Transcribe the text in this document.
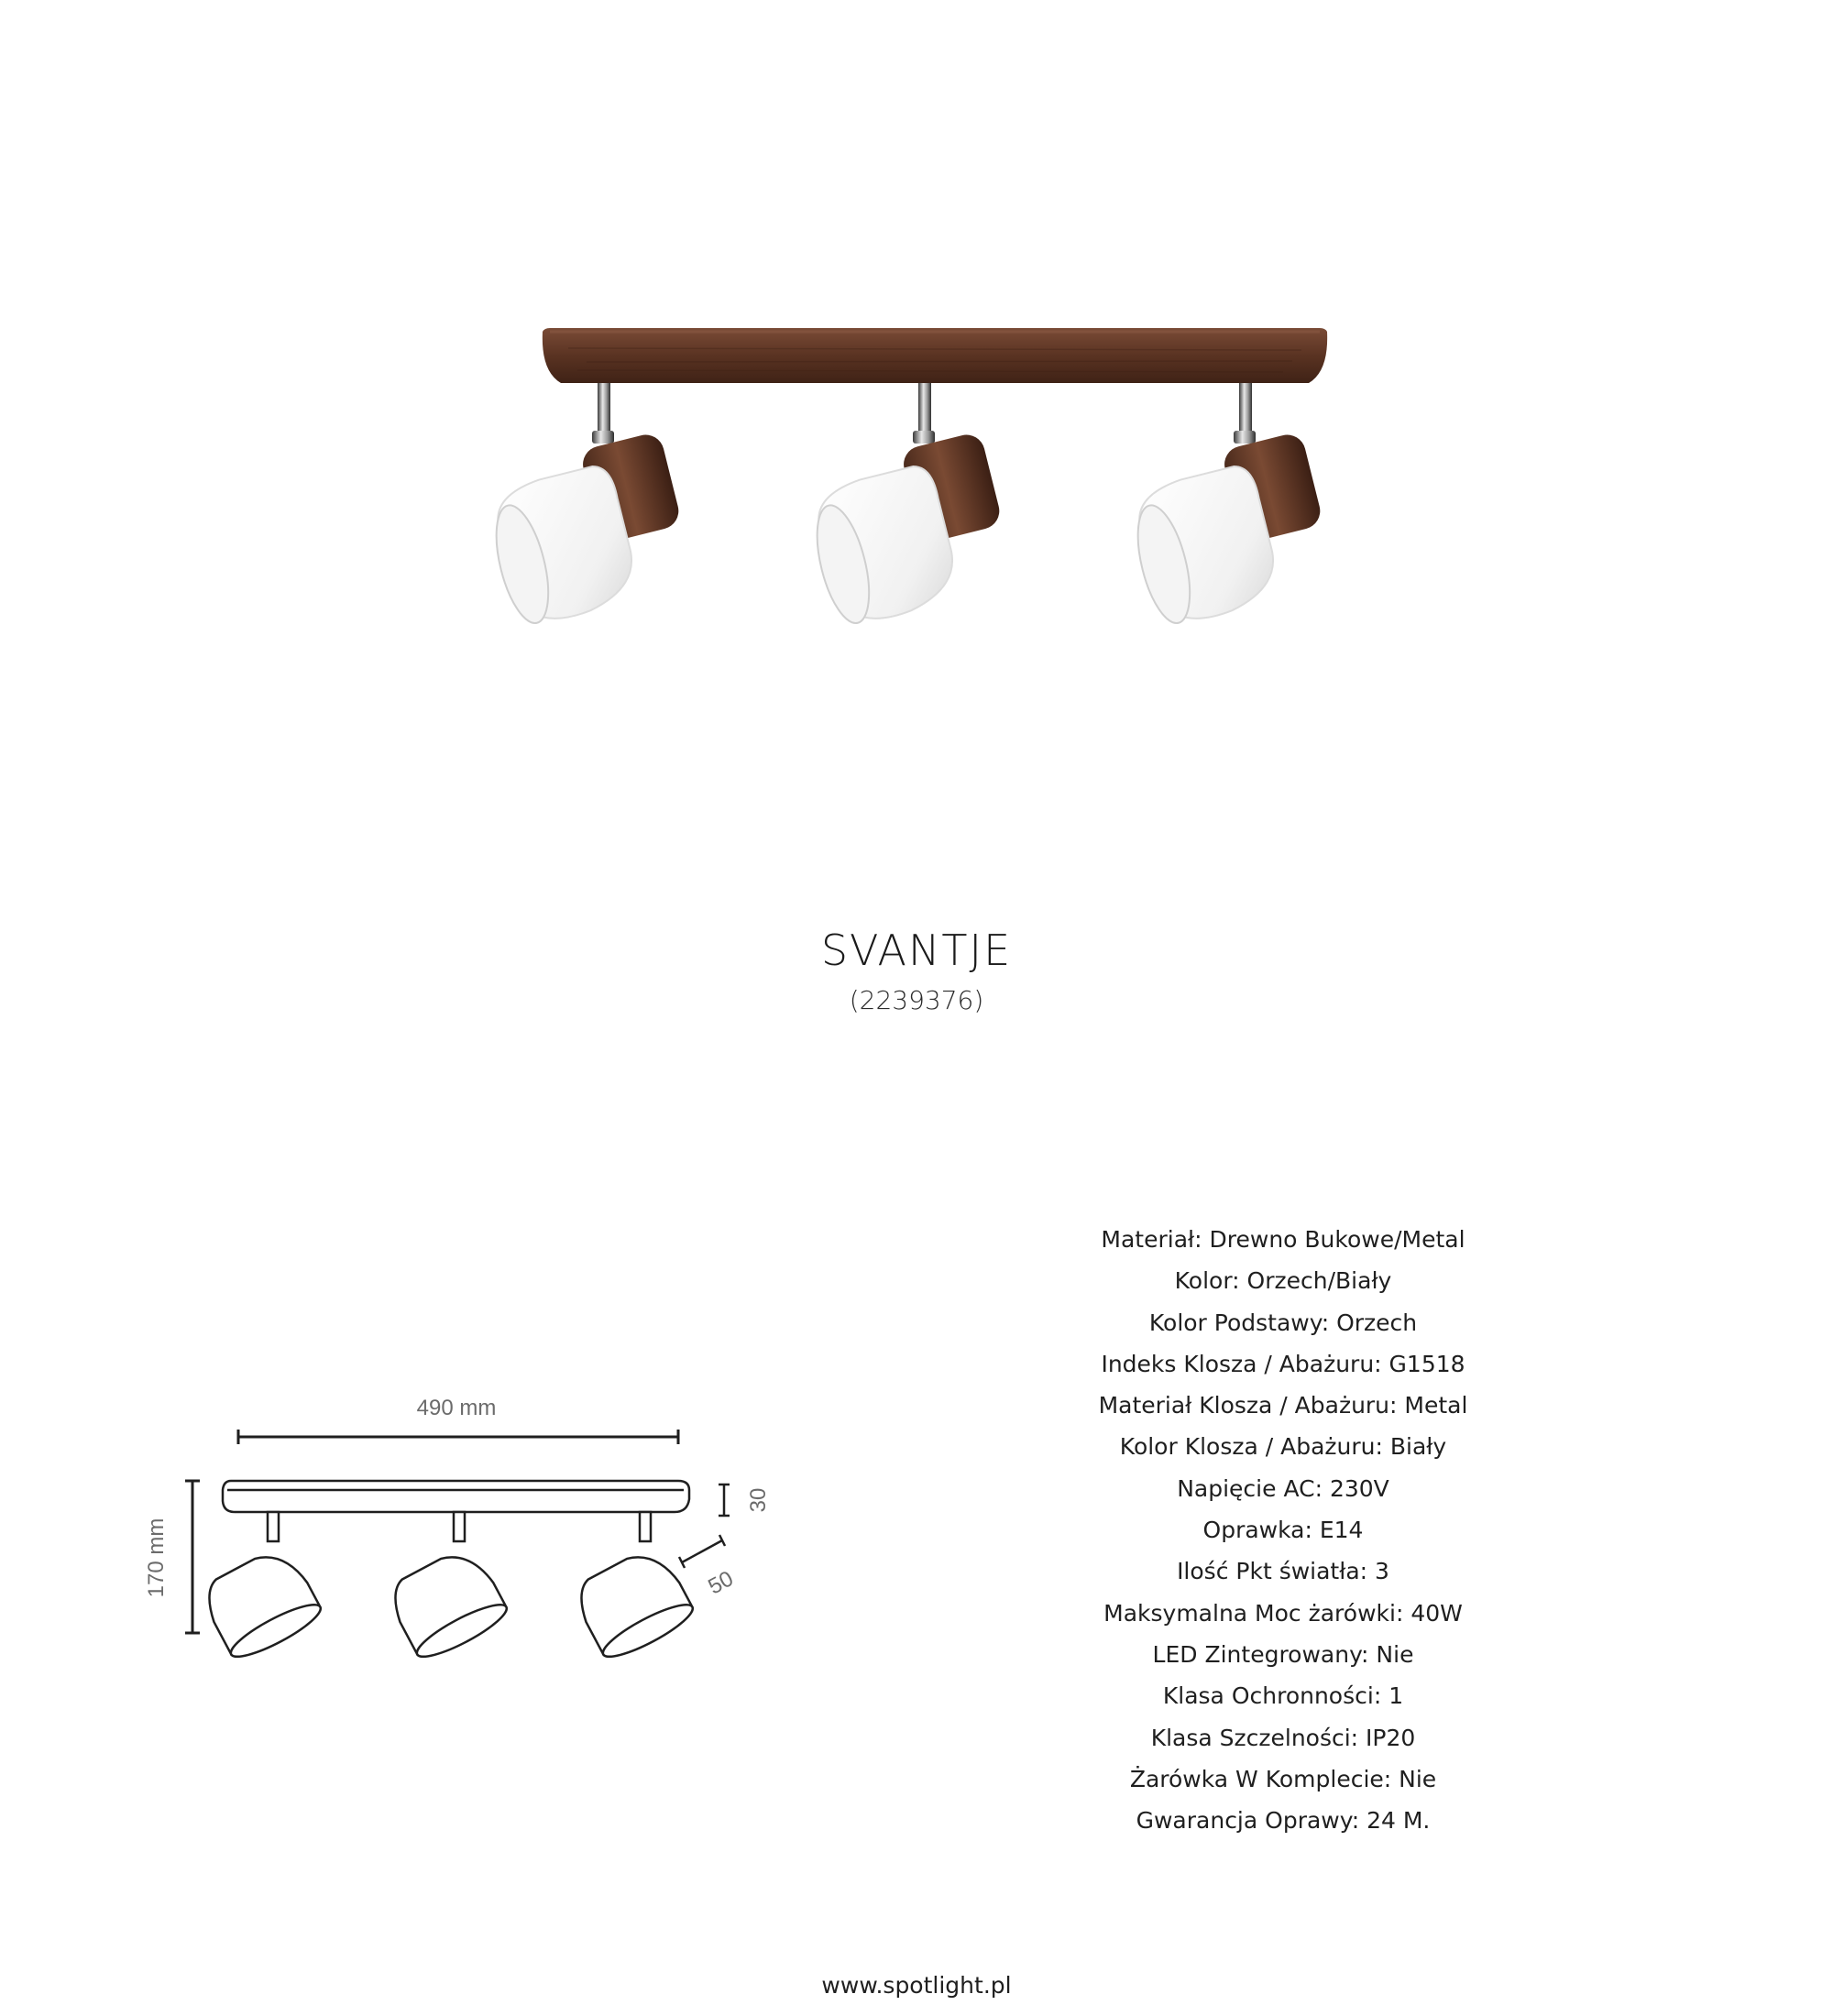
SVANTJE
(2239376)
490 mm
170 mm
30
50
Materiał: Drewno Bukowe/Metal
Kolor: Orzech/Biały
Kolor Podstawy: Orzech
Indeks Klosza / Abażuru: G1518
Materiał Klosza / Abażuru: Metal
Kolor Klosza / Abażuru: Biały
Napięcie AC: 230V
Oprawka: E14
Ilość Pkt światła: 3
Maksymalna Moc żarówki: 40W
LED Zintegrowany: Nie
Klasa Ochronności: 1
Klasa Szczelności: IP20
Żarówka W Komplecie: Nie
Gwarancja Oprawy: 24 M.
www.spotlight.pl
